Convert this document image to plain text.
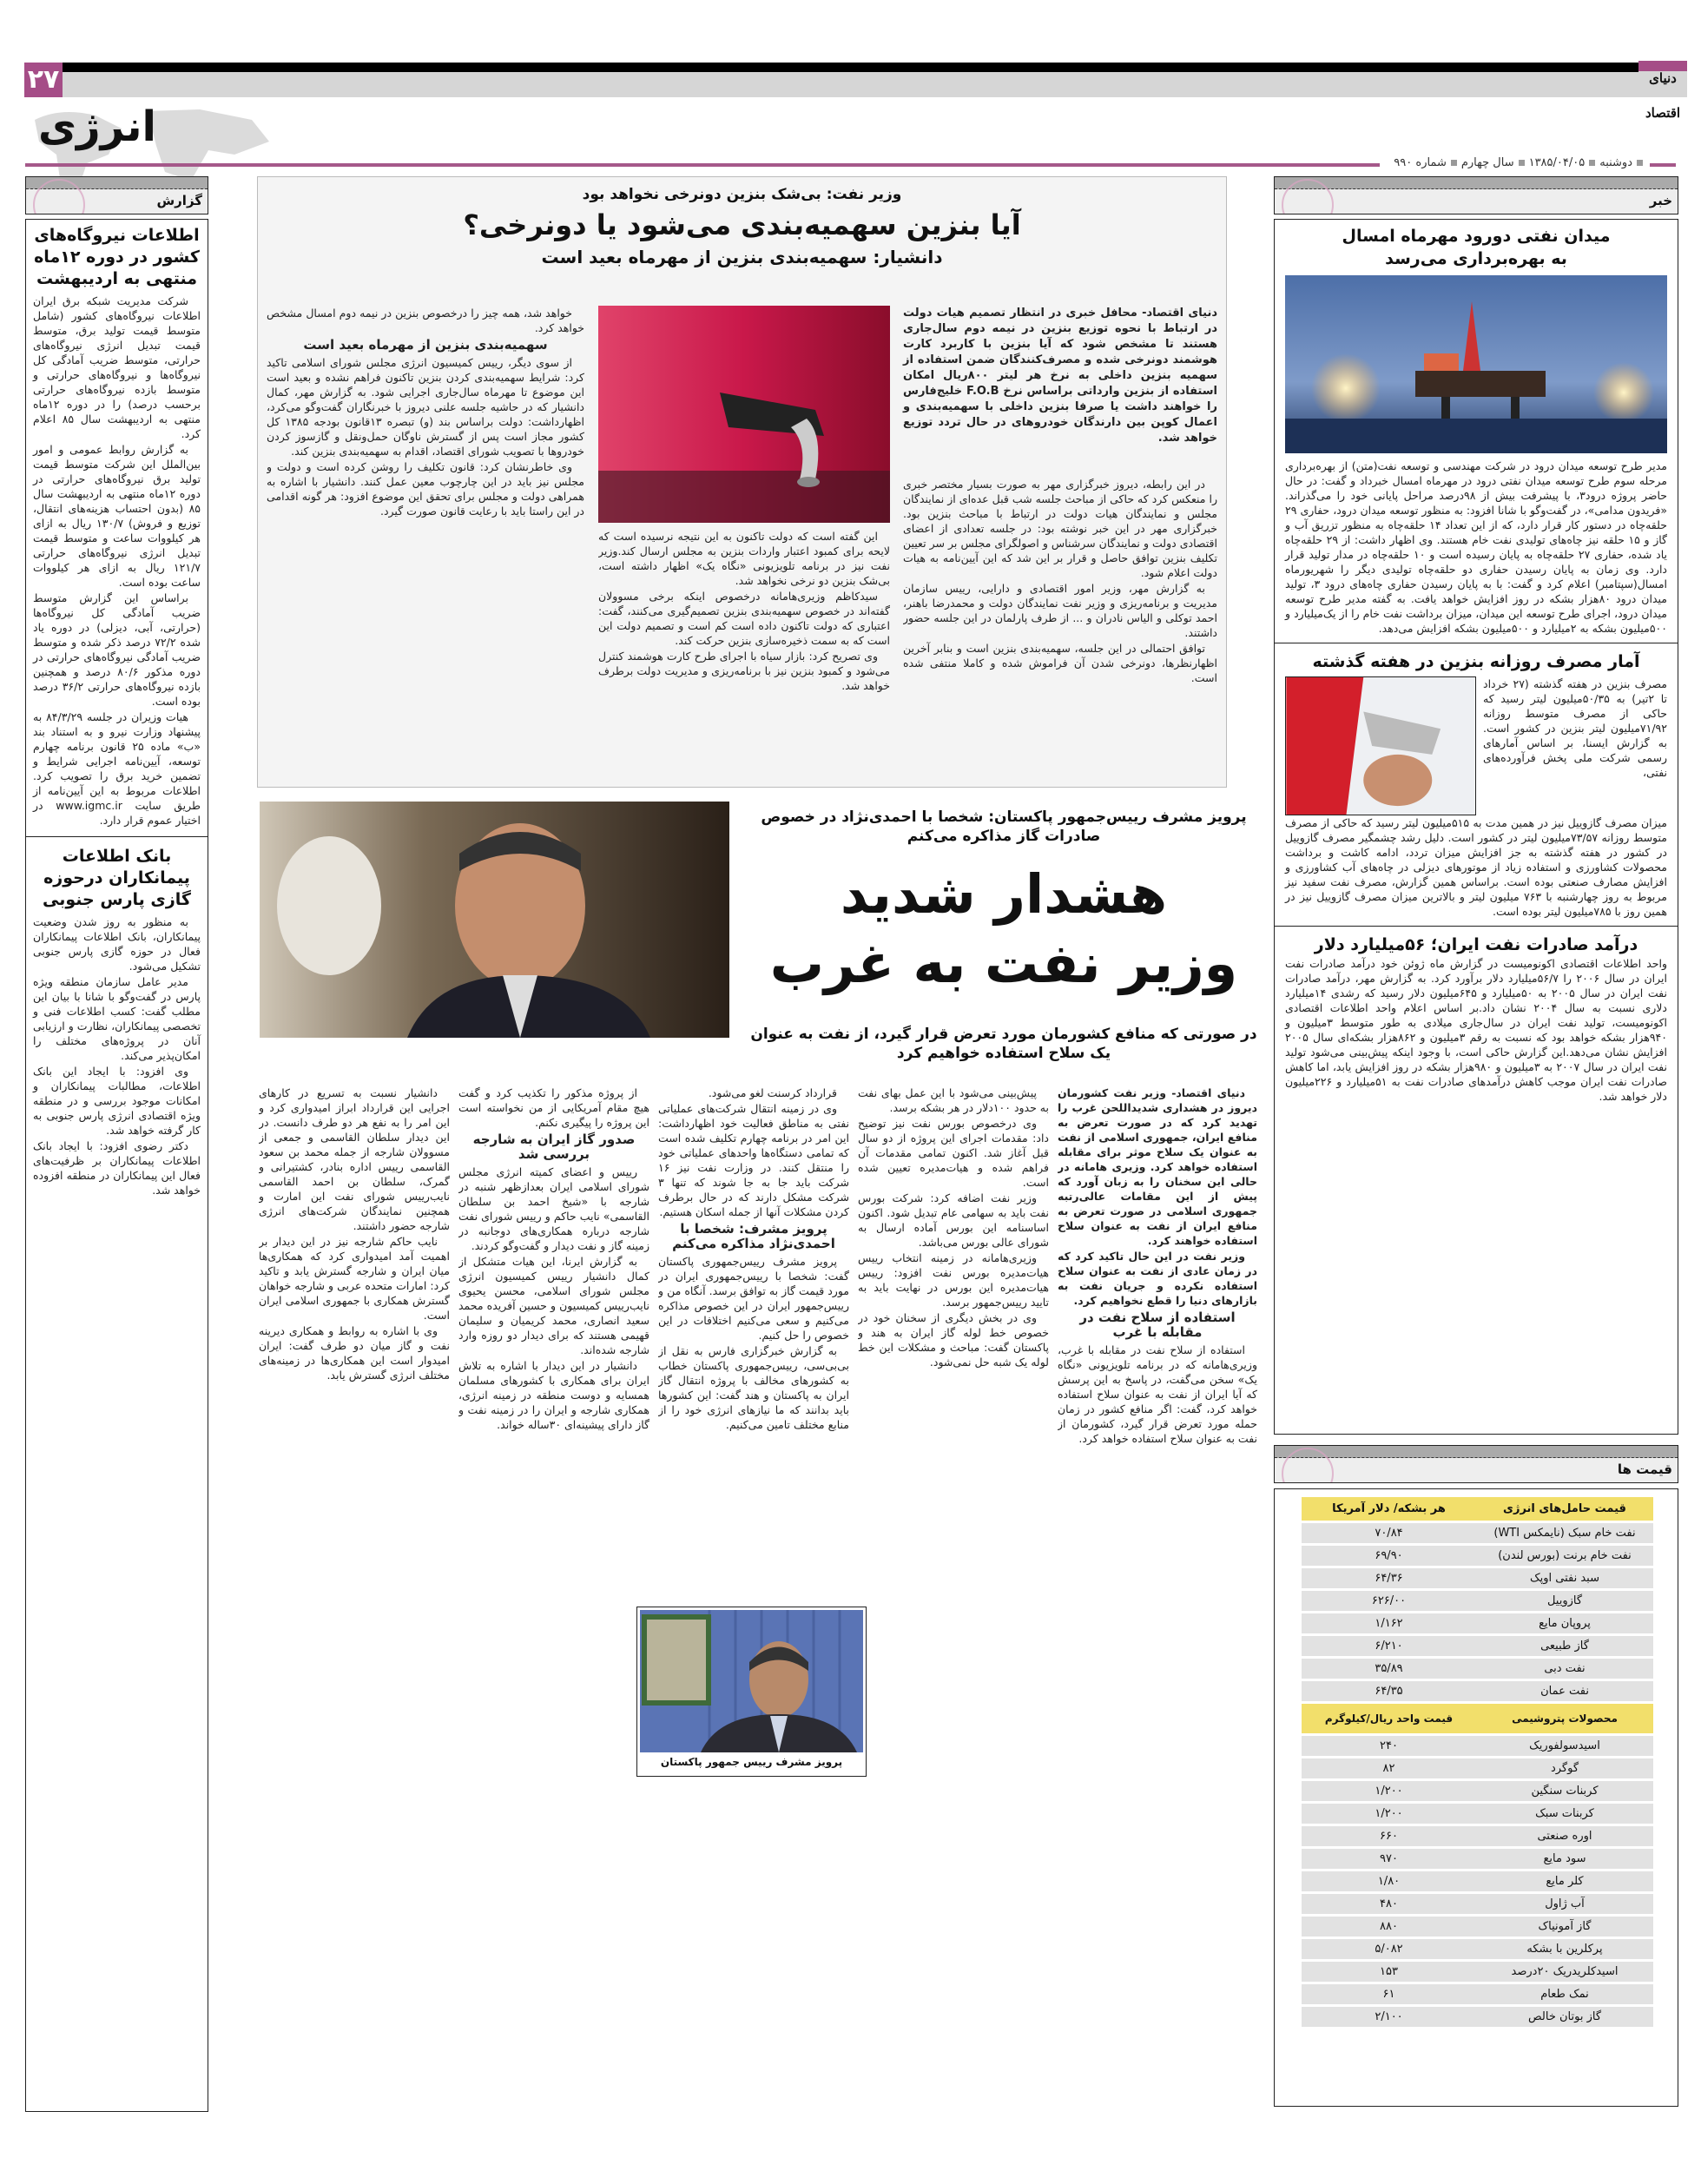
۲۷	دنیای اقتصاد
انرژی
دوشنبه۱۳۸۵/۰۴/۰۵سال چهارمشماره ۹۹۰
گزارش
اطلاعات نیروگاه‌های کشور در دوره ۱۲ماه منتهی به اردیبهشت

شرکت مدیریت شبکه برق ایران اطلاعات نیروگاه‌های کشور (شامل متوسط قیمت تولید برق، متوسط قیمت تبدیل انرژی نیروگاه‌های حرارتی، متوسط ضریب آمادگی کل نیروگاه‌ها و نیروگاه‌های حرارتی و متوسط بازده نیروگاه‌های حرارتی برحسب درصد) را در دوره ۱۲ماه منتهی به اردیبهشت سال ۸۵ اعلام کرد.

به گزارش روابط عمومی و امور بین‌الملل این شرکت متوسط قیمت تولید برق نیروگاه‌های حرارتی در دوره ۱۲ماه منتهی به اردیبهشت سال ۸۵ (بدون احتساب هزینه‌های انتقال، توزیع و فروش) ۱۳۰/۷ ریال به ازای هر کیلووات ساعت و متوسط قیمت تبدیل انرژی نیروگاه‌های حرارتی ۱۲۱/۷ ریال به ازای هر کیلووات ساعت بوده است.

براساس این گزارش متوسط ضریب آمادگی کل نیروگاه‌ها (حرارتی، آبی، دیزلی) در دوره یاد شده ۷۲/۲ درصد ذکر شده و متوسط ضریب آمادگی نیروگاه‌های حرارتی در دوره مذکور ۸۰/۶ درصد و همچنین بازده نیروگاه‌های حرارتی ۳۶/۲ درصد بوده است.

هیات وزیران در جلسه ۸۴/۳/۲۹ به پیشنهاد وزارت نیرو و به استناد بند «ب» ماده ۲۵ قانون برنامه چهارم توسعه، آیین‌نامه اجرایی شرایط و تضمین خرید برق را تصویب کرد. اطلاعات مربوط به این آیین‌نامه از طریق سایت www.igmc.ir در اختیار عموم قرار دارد.

بانک اطلاعات پیمانکاران درحوزه گازی پارس جنوبی

به منظور به روز شدن وضعیت پیمانکاران، بانک اطلاعات پیمانکاران فعال در حوزه گازی پارس جنوبی تشکیل می‌شود.

مدیر عامل سازمان منطقه ویژه پارس در گفت‌وگو با شانا با بیان این مطلب گفت: کسب اطلاعات فنی و تخصصی پیمانکاران، نظارت و ارزیابی آنان در پروژه‌های مختلف را امکان‌پذیر می‌کند.

وی افزود: با ایجاد این بانک اطلاعات، مطالبات پیمانکاران و امکانات موجود بررسی و در منطقه ویژه اقتصادی انرژی پارس جنوبی به کار گرفته خواهد شد.

دکتر رضوی افزود: با ایجاد بانک اطلاعات پیمانکاران بر ظرفیت‌های فعال این پیمانکاران در منطقه افزوده خواهد شد.

وزیر نفت: بی‌شک بنزین دونرخی نخواهد بود
آیا بنزین سهمیه‌بندی می‌شود یا دونرخی؟
دانشیار: سهمیه‌بندی بنزین از مهرماه بعید است
دنیای اقتصاد- محافل خبری در انتظار تصمیم هیات دولت در ارتباط با نحوه توزیع بنزین در نیمه دوم سال‌جاری هستند تا مشخص شود که آیا بنزین با کاربرد کارت هوشمند دونرخی شده و مصرف‌کنندگان ضمن استفاده از سهمیه بنزین داخلی به نرخ هر لیتر ۸۰۰ریال امکان استفاده از بنزین وارداتی براساس نرخ F.O.B خلیج‌فارس را خواهند داشت یا صرفا بنزین داخلی با سهمیه‌بندی و اعمال کوپن بین دارندگان خودروهای در حال تردد توزیع خواهد شد.

در این رابطه، دیروز خبرگزاری مهر به صورت بسیار مختصر خبری را منعکس کرد که حاکی از مباحث جلسه شب قبل عده‌ای از نمایندگان مجلس و نمایندگان هیات دولت در ارتباط با مباحث بنزین بود. خبرگزاری مهر در این خبر نوشته بود: در جلسه تعدادی از اعضای اقتصادی دولت و نمایندگان سرشناس و اصولگرای مجلس بر سر تعیین تکلیف بنزین توافق حاصل و قرار بر این شد که این آیین‌نامه به هیات دولت اعلام شود.

به گزارش مهر، وزیر امور اقتصادی و دارایی، رییس سازمان مدیریت و برنامه‌ریزی و وزیر نفت نمایندگان دولت و محمدرضا باهنر، احمد توکلی و الیاس نادران و ... از طرف پارلمان در این جلسه حضور داشتند.

توافق احتمالی در این جلسه، سهمیه‌بندی بنزین است و بنابر آخرین اظهارنظرها، دونرخی شدن آن فراموش شده و کاملا منتفی شده است.

این گفته است که دولت تاکنون به این نتیجه نرسیده است که لایحه برای کمبود اعتبار واردات بنزین به مجلس ارسال کند.وزیر نفت نیز در برنامه تلویزیونی «نگاه یک» اظهار داشته است، بی‌شک بنزین دو نرخی نخواهد شد.

سیدکاظم وزیری‌هامانه درخصوص اینکه برخی مسوولان گفته‌اند در خصوص سهمیه‌بندی بنزین تصمیم‌گیری می‌کنند، گفت: اعتباری که دولت تاکنون داده است کم است و تصمیم دولت این است که به سمت ذخیره‌سازی بنزین حرکت کند.

وی تصریح کرد: بازار سیاه با اجرای طرح کارت هوشمند کنترل می‌شود و کمبود بنزین نیز با برنامه‌ریزی و مدیریت دولت برطرف خواهد شد.

خواهد شد، همه چیز را درخصوص بنزین در نیمه دوم امسال مشخص خواهد کرد.

سهمیه‌بندی بنزین از مهرماه بعید است

از سوی دیگر، رییس کمیسیون انرژی مجلس شورای اسلامی تاکید کرد: شرایط سهمیه‌بندی کردن بنزین تاکنون فراهم نشده و بعید است این موضوع تا مهرماه سال‌جاری اجرایی شود. به گزارش مهر، کمال دانشیار که در حاشیه جلسه علنی دیروز با خبرنگاران گفت‌وگو می‌کرد، اظهارداشت: دولت براساس بند (و) تبصره ۱۳قانون بودجه ۱۳۸۵ کل کشور مجاز است پس از گسترش ناوگان حمل‌ونقل و گازسوز کردن خودروها با تصویب شورای اقتصاد، اقدام به سهمیه‌بندی بنزین کند.

وی خاطرنشان کرد: قانون تکلیف را روشن کرده است و دولت و مجلس نیز باید در این چارچوب معین عمل کنند. دانشیار با اشاره به همراهی دولت و مجلس برای تحقق این موضوع افزود: هر گونه اقدامی در این راستا باید با رعایت قانون صورت گیرد.

پرویز مشرف رییس‌جمهور پاکستان: شخصا با احمدی‌نژاد در خصوص صادرات گاز مذاکره می‌کنم
هشدار شدید
وزیر نفت به غرب
در صورتی که منافع کشورمان مورد تعرض قرار گیرد، از نفت به عنوان یک سلاح استفاده خواهیم کرد

دنیای اقتصاد- وزیر نفت کشورمان دیروز در هشداری شدیداللحن غرب را تهدید کرد که در صورت تعرض به منافع ایران، جمهوری اسلامی از نفت به عنوان یک سلاح موثر برای مقابله استفاده خواهد کرد. وزیری هامانه در حالی این سخنان را به زبان آورد که پیش از این مقامات عالی‌رتبه جمهوری اسلامی در صورت تعرض به منافع ایران از نفت به عنوان سلاح استفاده خواهند کرد.

وزیر نفت در این حال تاکید کرد که در زمان عادی از نفت به عنوان سلاح استفاده نکرده و جریان نفت به بازارهای دنیا را قطع نخواهیم کرد.

استفاده از سلاح نفت در مقابله با غرب

استفاده از سلاح نفت در مقابله با غرب، وزیری‌هامانه که در برنامه تلویزیونی «نگاه یک» سخن می‌گفت، در پاسخ به این پرسش که آیا ایران از نفت به عنوان سلاح استفاده خواهد کرد، گفت: اگر منافع کشور در زمان حمله مورد تعرض قرار گیرد، کشورمان از نفت به عنوان سلاح استفاده خواهد کرد.

پیش‌بینی می‌شود با این عمل بهای نفت به حدود ۱۰۰دلار در هر بشکه برسد.

وی درخصوص بورس نفت نیز توضیح داد: مقدمات اجرای این پروژه از دو سال قبل آغاز شد. اکنون تمامی مقدمات آن فراهم شده و هیات‌مدیره تعیین شده است.

وزیر نفت اضافه کرد: شرکت بورس نفت باید به سهامی عام تبدیل شود. اکنون اساسنامه این بورس آماده ارسال به شورای عالی بورس می‌باشد.

وزیری‌هامانه در زمینه انتخاب رییس هیات‌مدیره بورس نفت افزود: رییس هیات‌مدیره این بورس در نهایت باید به تایید رییس‌جمهور برسد.

وی در بخش دیگری از سخنان خود در خصوص خط لوله گاز ایران به هند و پاکستان گفت: مباحث و مشکلات این خط لوله یک شبه حل نمی‌شود.

قرارداد کرسنت لغو می‌شود.

وی در زمینه انتقال شرکت‌های عملیاتی نفتی به مناطق فعالیت خود اظهارداشت: این امر در برنامه چهارم تکلیف شده است که تمامی دستگاه‌ها واحدهای عملیاتی خود را منتقل کنند. در وزارت نفت نیز ۱۶ شرکت باید جا به جا شوند که تنها ۳ شرکت مشکل دارند که در حال برطرف کردن مشکلات آنها از جمله اسکان هستیم.

پرویز مشرف: شخصا با احمدی‌نژاد مذاکره می‌کنم

پرویز مشرف رییس‌جمهوری پاکستان گفت: شخصا با رییس‌جمهوری ایران در مورد قیمت گاز به توافق برسد. آنگاه من و رییس‌جمهور ایران در این خصوص مذاکره می‌کنیم و سعی می‌کنیم اختلافات در این خصوص را حل کنیم.

به گزارش خبرگزاری فارس به نقل از بی‌بی‌سی، رییس‌جمهوری پاکستان خطاب به کشورهای مخالف با پروژه انتقال گاز ایران به پاکستان و هند گفت: این کشورها باید بدانند که ما نیازهای انرژی خود را از منابع مختلف تامین می‌کنیم.

از پروژه مذکور را تکذیب کرد و گفت هیچ مقام آمریکایی از من نخواسته است این پروژه را پیگیری نکنم.

صدور گاز ایران به شارجه بررسی شد

رییس و اعضای کمیته انرژی مجلس شورای اسلامی ایران بعدازظهر شنبه در شارجه با «شیخ احمد بن سلطان القاسمی» نایب حاکم و رییس شورای نفت شارجه درباره همکاری‌های دوجانبه در زمینه گاز و نفت دیدار و گفت‌وگو کردند.

به گزارش ایرنا، این هیات متشکل از کمال دانشیار رییس کمیسیون انرژی مجلس شورای اسلامی، محسن یحیوی نایب‌رییس کمیسیون و حسین آفریده محمد سعید انصاری، محمد کریمیان و سلیمان قهیمی هستند که برای دیدار دو روزه وارد شارجه شده‌اند.

دانشیار در این دیدار با اشاره به تلاش ایران برای همکاری با کشورهای مسلمان همسایه و دوست منطقه در زمینه انرژی، همکاری شارجه و ایران را در زمینه نفت و گاز دارای پیشینه‌ای ۳۰ساله خواند.

دانشیار نسبت به تسریع در کارهای اجرایی این قرارداد ابراز امیدواری کرد و این امر را به نفع هر دو طرف دانست. در این دیدار سلطان القاسمی و جمعی از مسوولان شارجه از جمله محمد بن سعود القاسمی رییس اداره بنادر، کشتیرانی و گمرک، سلطان بن احمد القاسمی نایب‌رییس شورای نفت این امارت و همچنین نمایندگان شرکت‌های انرژی شارجه حضور داشتند.

نایب حاکم شارجه نیز در این دیدار بر اهمیت آمد امیدواری کرد که همکاری‌ها میان ایران و شارجه گسترش یابد و تاکید کرد: امارات متحده عربی و شارجه خواهان گسترش همکاری با جمهوری اسلامی ایران است.

وی با اشاره به روابط و همکاری دیرینه نفت و گاز میان دو طرف گفت: ایران امیدوار است این همکاری‌ها در زمینه‌های مختلف انرژی گسترش یابد.

پرویز مشرف رییس جمهور پاکستان
خبر
میدان نفتی دورود مهرماه امسال به بهره‌برداری می‌رسد
مدیر طرح توسعه میدان درود در شرکت مهندسی و توسعه نفت(متن) از بهره‌برداری مرحله سوم طرح توسعه میدان نفتی درود در مهرماه امسال خبرداد و گفت: در حال حاضر پروژه درود۳، با پیشرفت بیش از ۹۸درصد مراحل پایانی خود را می‌گذراند. «فریدون مدامی»، در گفت‌وگو با شانا افزود: به منظور توسعه میدان درود، حفاری ۲۹ حلقه‌چاه در دستور کار قرار دارد، که از این تعداد ۱۴ حلقه‌چاه به منظور تزریق آب و گاز و ۱۵ حلقه نیز چاه‌های تولیدی نفت خام هستند. وی اظهار داشت: از ۲۹ حلقه‌چاه یاد شده، حفاری ۲۷ حلقه‌چاه به پایان رسیده است و ۱۰ حلقه‌چاه در مدار تولید قرار دارد. وی زمان به پایان رسیدن حفاری دو حلقه‌چاه تولیدی دیگر را شهریورماه امسال(سپتامبر) اعلام کرد و گفت: با به پایان رسیدن حفاری چاه‌های درود ۳، تولید میدان درود ۸۰هزار بشکه در روز افزایش خواهد یافت. به گفته مدیر طرح توسعه میدان درود، اجرای طرح توسعه این میدان، میزان برداشت نفت خام را از یک‌میلیارد و ۵۰۰میلیون بشکه به ۲میلیارد و ۵۰۰میلیون بشکه افزایش می‌دهد.
آمار مصرف روزانه بنزین در هفته گذشته
مصرف بنزین در هفته گذشته (۲۷ خرداد تا ۲تیر) به ۵۰/۳۵میلیون لیتر رسید که حاکی از مصرف متوسط روزانه ۷۱/۹۲میلیون لیتر بنزین در کشور است. به گزارش ایسنا، بر اساس آمارهای رسمی شرکت ملی پخش فرآورده‌های نفتی،
میزان مصرف گازوییل نیز در همین مدت به ۵۱۵میلیون لیتر رسید که حاکی از مصرف متوسط روزانه ۷۳/۵۷میلیون لیتر در کشور است. دلیل رشد چشمگیر مصرف گازوییل در کشور در هفته گذشته به جز افزایش میزان تردد، ادامه کاشت و برداشت محصولات کشاورزی و استفاده زیاد از موتورهای دیزلی در چاه‌های آب کشاورزی و افزایش مصارف صنعتی بوده است. براساس همین گزارش، مصرف نفت سفید نیز مربوط به روز چهارشنبه با ۷۶۳ میلیون لیتر و بالاترین میزان مصرف گازوییل نیز در همین روز با ۷۸۵میلیون لیتر بوده است.
درآمد صادرات نفت ایران؛ ۵۶میلیارد دلار
واحد اطلاعات اقتصادی اکونومیست در گزارش ماه ژوئن خود درآمد صادرات نفت ایران در سال ۲۰۰۶ را ۵۶/۷میلیارد دلار برآورد کرد. به گزارش مهر، درآمد صادرات نفت ایران در سال ۲۰۰۵ به ۵۰میلیارد و ۶۴۵میلیون دلار رسید که رشدی ۱۴میلیارد دلاری نسبت به سال ۲۰۰۴ نشان داد.بر اساس اعلام واحد اطلاعات اقتصادی اکونومیست، تولید نفت ایران در سال‌جاری میلادی به طور متوسط ۳میلیون و ۹۴۰هزار بشکه خواهد بود که نسبت به رقم ۳میلیون و ۸۶۲هزار بشکه‌ای سال ۲۰۰۵ افزایش نشان می‌دهد.این گزارش حاکی است، با وجود اینکه پیش‌بینی می‌شود تولید نفت ایران در سال ۲۰۰۷ به ۳میلیون و ۹۸۰هزار بشکه در روز افزایش یابد، اما کاهش صادرات نفت ایران موجب کاهش درآمدهای صادرات نفت به ۵۱میلیارد و ۲۲۶میلیون دلار خواهد شد.
قیمت ها
قیمت حامل‌های انرژی	هر بشکه/ دلار آمریکا
نفت خام سبک (نایمکس WTI)	۷۰/۸۴
نفت خام برنت (بورس لندن)	۶۹/۹۰
سبد نفتی اوپک	۶۴/۳۶
گازوییل	۶۲۶/۰۰
پروپان مایع	۱/۱۶۲
گاز طبیعی	۶/۲۱۰
نفت دبی	۳۵/۸۹
نفت عمان	۶۴/۳۵
محصولات پتروشیمی	قیمت واحد ریال/کیلوگرم
اسیدسولفوریک	۲۴۰
گوگرد	۸۲
کربنات سنگین	۱/۲۰۰
کربنات سبک	۱/۲۰۰
اوره صنعتی	۶۶۰
سود مایع	۹۷۰
کلر مایع	۱/۸۰
آب ژاول	۴۸۰
گاز آمونیاک	۸۸۰
پرکلرین با بشکه	۵/۰۸۲
اسیدکلریدریک ۲۰درصد	۱۵۳
نمک طعام	۶۱
گاز بوتان خالص	۲/۱۰۰
